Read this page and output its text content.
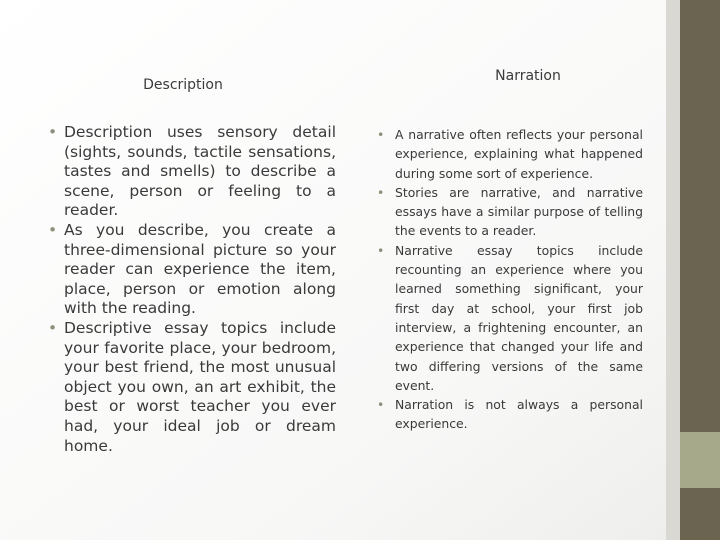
Description
Narration
• Description uses sensory detail (sights, sounds, tactile sensations, tastes and smells) to describe a scene, person or feeling to a reader.
• As you describe, you create a three-dimensional picture so your reader can experience the item, place, person or emotion along with the reading.
• Descriptive essay topics include your favorite place, your bedroom, your best friend, the most unusual object you own, an art exhibit, the best or worst teacher you ever had, your ideal job or dream home.
• A narrative often reflects your personal experience, explaining what happened during some sort of experience.
• Stories are narrative, and narrative essays have a similar purpose of telling the events to a reader.
• Narrative essay topics include recounting an experience where you learned something significant, your first day at school, your first job interview, a frightening encounter, an experience that changed your life and two differing versions of the same event.
• Narration is not always a personal experience.
